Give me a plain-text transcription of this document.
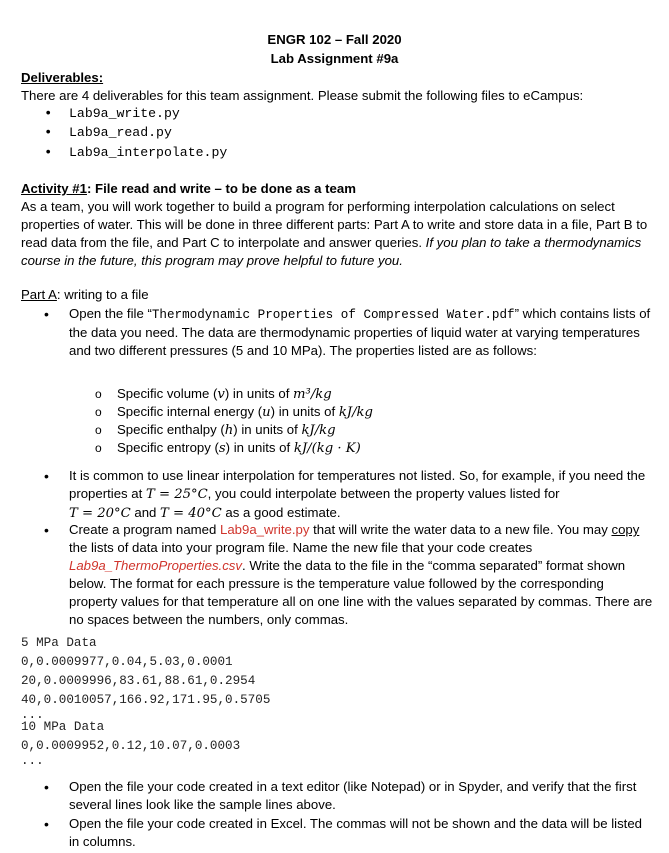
ENGR 102 – Fall 2020
Lab Assignment #9a
Deliverables:
There are 4 deliverables for this team assignment. Please submit the following files to eCampus:
• Lab9a_write.py
• Lab9a_read.py
• Lab9a_interpolate.py
Activity #1: File read and write – to be done as a team
As a team, you will work together to build a program for performing interpolation calculations on select properties of water. This will be done in three different parts: Part A to write and store data in a file, Part B to read data from the file, and Part C to interpolate and answer queries. If you plan to take a thermodynamics course in the future, this program may prove helpful to future you.
Part A: writing to a file
• Open the file “Thermodynamic Properties of Compressed Water.pdf” which contains lists of the data you need. The data are thermodynamic properties of liquid water at varying temperatures and two different pressures (5 and 10 MPa). The properties listed are as follows:
o Specific volume (v) in units of m³/kg
o Specific internal energy (u) in units of kJ/kg
o Specific enthalpy (h) in units of kJ/kg
o Specific entropy (s) in units of kJ/(kg · K)
• It is common to use linear interpolation for temperatures not listed. So, for example, if you need the properties at T = 25°C, you could interpolate between the property values listed for
T = 20°C and T = 40°C as a good estimate.
• Create a program named Lab9a_write.py that will write the water data to a new file. You may copy the lists of data into your program file. Name the new file that your code creates Lab9a_ThermoProperties.csv. Write the data to the file in the “comma separated” format shown below. The format for each pressure is the temperature value followed by the corresponding property values for that temperature all on one line with the values separated by commas. There are no spaces between the numbers, only commas.
5 MPa Data
0,0.0009977,0.04,5.03,0.0001
20,0.0009996,83.61,88.61,0.2954
40,0.0010057,166.92,171.95,0.5705
...
10 MPa Data
0,0.0009952,0.12,10.07,0.0003
...
• Open the file your code created in a text editor (like Notepad) or in Spyder, and verify that the first several lines look like the sample lines above.
• Open the file your code created in Excel. The commas will not be shown and the data will be listed in columns.
